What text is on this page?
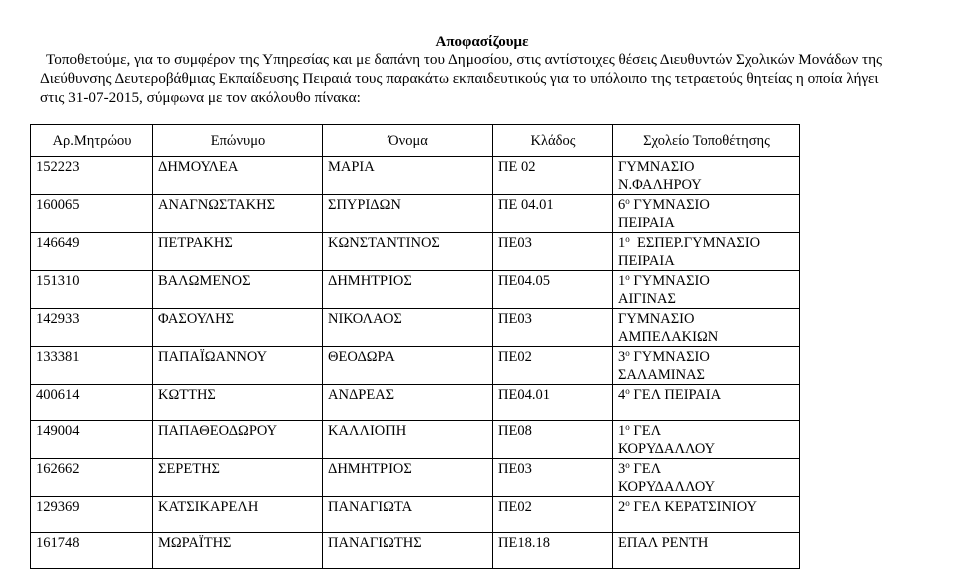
Αποφασίζουμε

Τοποθετούμε, για το συμφέρον της Υπηρεσίας και με δαπάνη του Δημοσίου, στις αντίστοιχες θέσεις Διευθυντών Σχολικών Μονάδων της

Διεύθυνσης Δευτεροβάθμιας Εκπαίδευσης Πειραιά τους παρακάτω εκπαιδευτικούς για το υπόλοιπο της τετραετούς θητείας η οποία λήγει

στις 31-07-2015, σύμφωνα με τον ακόλουθο πίνακα:

Αρ.Μητρώου	Επώνυμο	Όνομα	Κλάδος	Σχολείο Τοποθέτησης
152223	ΔΗΜΟΥΛΕΑ	ΜΑΡΙΑ	ΠΕ 02	ΓΥΜΝΑΣΙΟ
Ν.ΦΑΛΗΡΟΥ

160065	ΑΝΑΓΝΩΣΤΑΚΗΣ	ΣΠΥΡΙΔΩΝ	ΠΕ 04.01	$6^o$ ΓΥΜΝΑΣΙΟ
ΠΕΙΡΑΙΑ

146649	ΠΕΤΡΑΚΗΣ	ΚΩΝΣΤΑΝΤΙΝΟΣ	ΠΕ03	$1^o$  ΕΣΠΕΡ.ΓΥΜΝΑΣΙΟ
ΠΕΙΡΑΙΑ

151310	ΒΑΛΩΜΕΝΟΣ	ΔΗΜΗΤΡΙΟΣ	ΠΕ04.05	$1^o$ ΓΥΜΝΑΣΙΟ
ΑΙΓΙΝΑΣ

142933	ΦΑΣΟΥΛΗΣ	ΝΙΚΟΛΑΟΣ	ΠΕ03	ΓΥΜΝΑΣΙΟ
ΑΜΠΕΛΑΚΙΩΝ

133381	ΠΑΠΑΪΩΑΝΝΟΥ	ΘΕΟΔΩΡΑ	ΠΕ02	$3^o$ ΓΥΜΝΑΣΙΟ
ΣΑΛΑΜΙΝΑΣ

400614	ΚΩΤΤΗΣ	ΑΝΔΡΕΑΣ	ΠΕ04.01	$4^o$ ΓΕΛ ΠΕΙΡΑΙΑ

149004	ΠΑΠΑΘΕΟΔΩΡΟΥ	ΚΑΛΛΙΟΠΗ	ΠΕ08	$1^o$ ΓΕΛ
ΚΟΡΥΔΑΛΛΟΥ

162662	ΣΕΡΕΤΗΣ	ΔΗΜΗΤΡΙΟΣ	ΠΕ03	$3^o$ ΓΕΛ
ΚΟΡΥΔΑΛΛΟΥ

129369	ΚΑΤΣΙΚΑΡΕΛΗ	ΠΑΝΑΓΙΩΤΑ	ΠΕ02	$2^o$ ΓΕΛ ΚΕΡΑΤΣΙΝΙΟΥ

161748	ΜΩΡΑΪΤΗΣ	ΠΑΝΑΓΙΩΤΗΣ	ΠΕ18.18	ΕΠΑΛ ΡΕΝΤΗ
